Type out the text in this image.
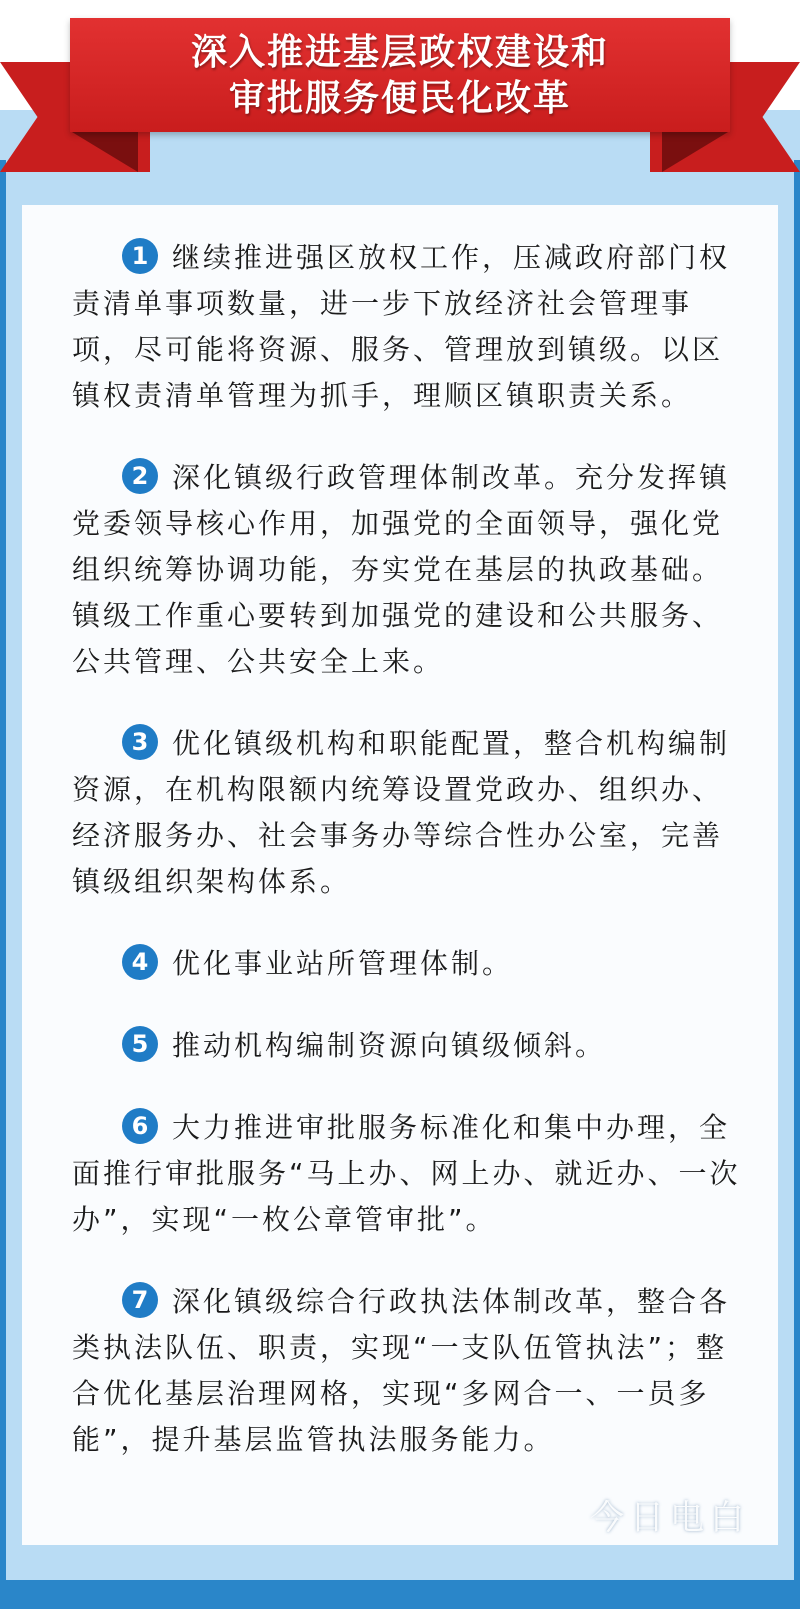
深入推进基层政权建设和
审批服务便民化改革
1 继续推进强区放权工作，压减政府部门权责清单事项数量，进一步下放经济社会管理事项，尽可能将资源、服务、管理放到镇级。以区镇权责清单管理为抓手，理顺区镇职责关系。
2 深化镇级行政管理体制改革。充分发挥镇党委领导核心作用，加强党的全面领导，强化党组织统筹协调功能，夯实党在基层的执政基础。镇级工作重心要转到加强党的建设和公共服务、公共管理、公共安全上来。
3 优化镇级机构和职能配置，整合机构编制资源，在机构限额内统筹设置党政办、组织办、经济服务办、社会事务办等综合性办公室，完善镇级组织架构体系。
4 优化事业站所管理体制。
5 推动机构编制资源向镇级倾斜。
6 大力推进审批服务标准化和集中办理，全面推行审批服务“马上办、网上办、就近办、一次办”，实现“一枚公章管审批”。
7 深化镇级综合行政执法体制改革，整合各类执法队伍、职责，实现“一支队伍管执法”；整合优化基层治理网格，实现“多网合一、一员多能”，提升基层监管执法服务能力。
今日电白
